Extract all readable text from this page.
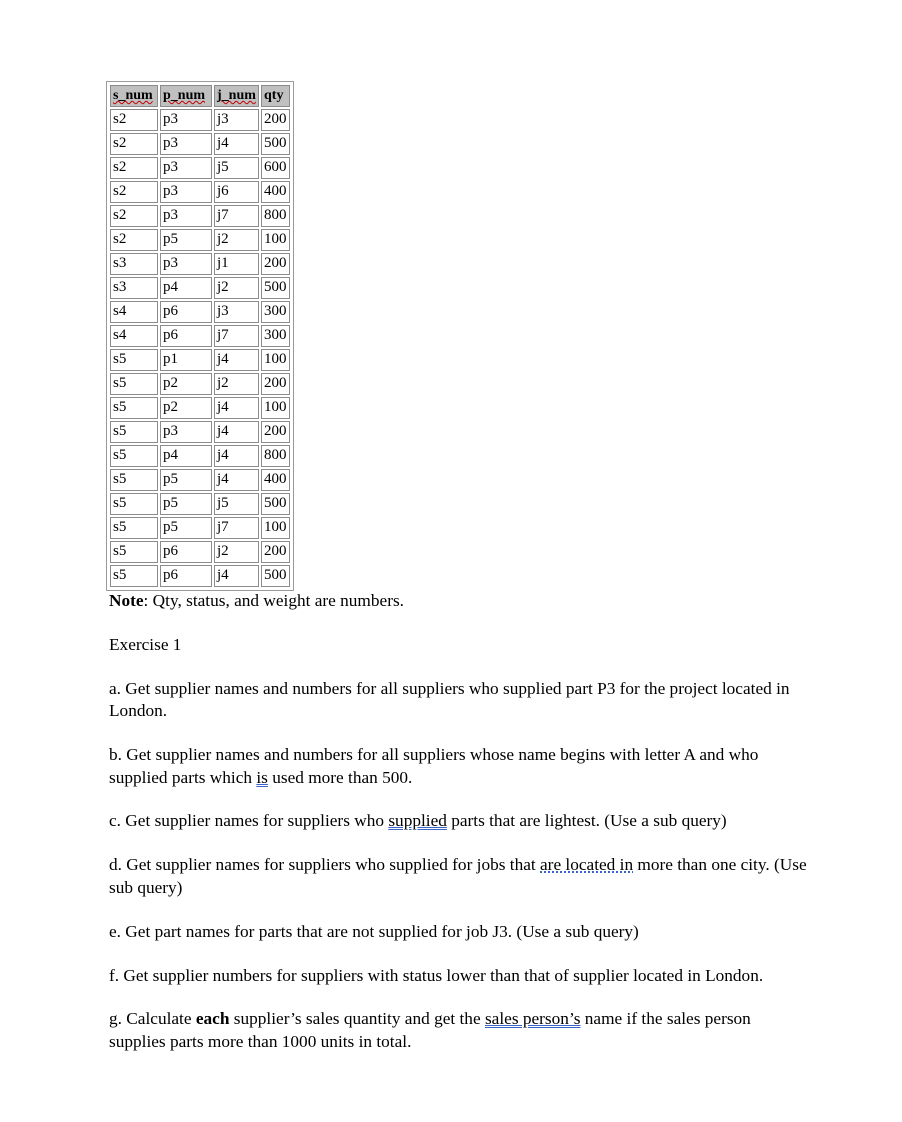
s_num	p_num	j_num	qty
s2	p3	j3	200
s2	p3	j4	500
s2	p3	j5	600
s2	p3	j6	400
s2	p3	j7	800
s2	p5	j2	100
s3	p3	j1	200
s3	p4	j2	500
s4	p6	j3	300
s4	p6	j7	300
s5	p1	j4	100
s5	p2	j2	200
s5	p2	j4	100
s5	p3	j4	200
s5	p4	j4	800
s5	p5	j4	400
s5	p5	j5	500
s5	p5	j7	100
s5	p6	j2	200
s5	p6	j4	500

Note: Qty, status, and weight are numbers.

Exercise 1

a. Get supplier names and numbers for all suppliers who supplied part P3 for the project located in London.

b. Get supplier names and numbers for all suppliers whose name begins with letter A and who supplied parts which is used more than 500.

c. Get supplier names for suppliers who supplied parts that are lightest. (Use a sub query)

d. Get supplier names for suppliers who supplied for jobs that are located in more than one city. (Use sub query)

e. Get part names for parts that are not supplied for job J3. (Use a sub query)

f. Get supplier numbers for suppliers with status lower than that of supplier located in London.

g. Calculate each supplier’s sales quantity and get the sales person’s name if the sales person supplies parts more than 1000 units in total.
